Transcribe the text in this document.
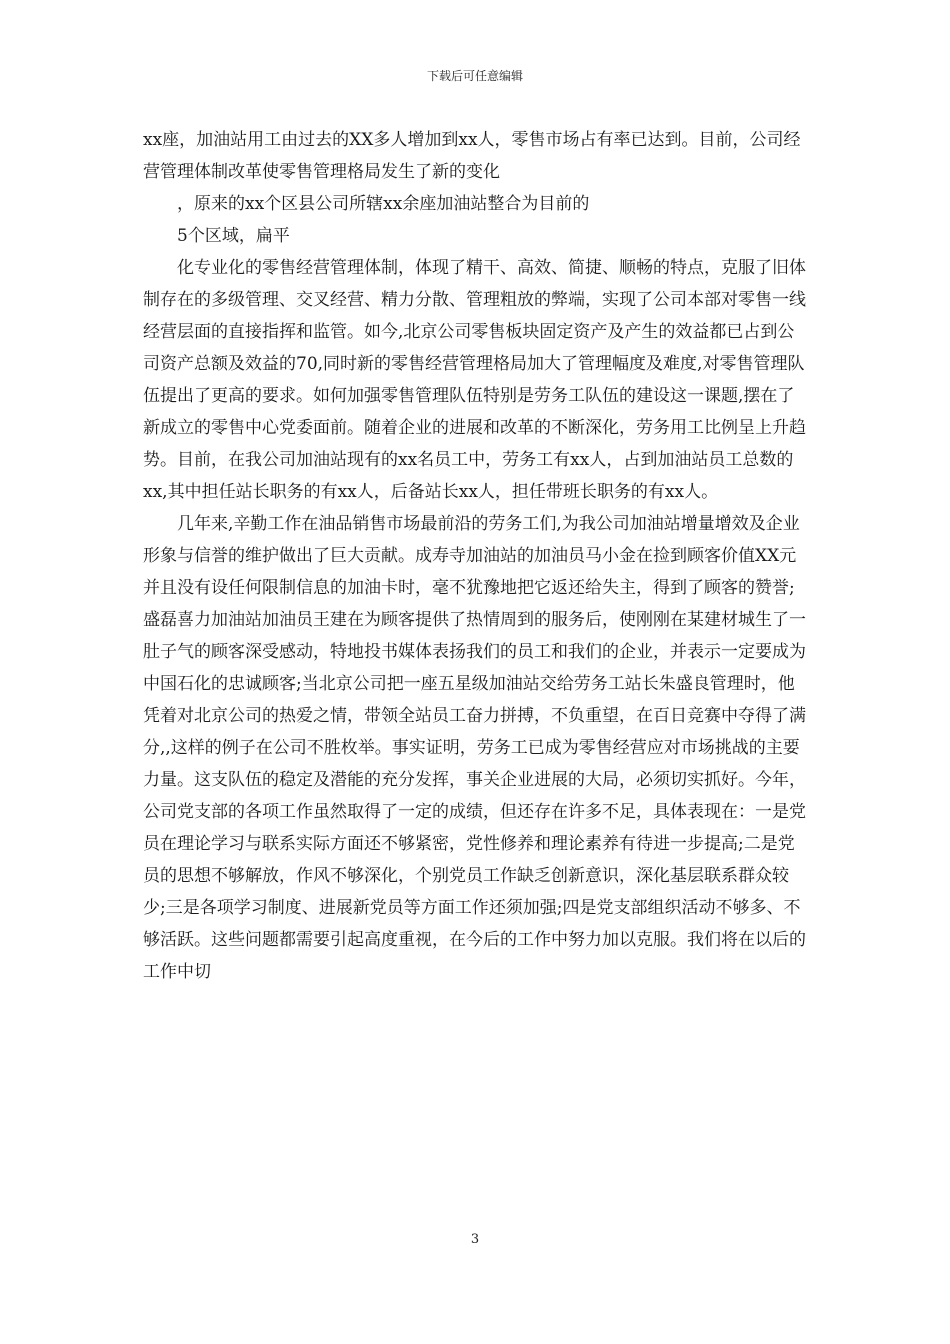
下载后可任意编辑

xx座，加油站用工由过去的XX多人增加到xx人，零售市场占有率已达到。目前，公司经营管理体制改革使零售管理格局发生了新的变化

，原来的xx个区县公司所辖xx余座加油站整合为目前的

5个区域，扁平

化专业化的零售经营管理体制，体现了精干、高效、简捷、顺畅的特点，克服了旧体制存在的多级管理、交叉经营、精力分散、管理粗放的弊端，实现了公司本部对零售一线经营层面的直接指挥和监管。如今,北京公司零售板块固定资产及产生的效益都已占到公司资产总额及效益的70,同时新的零售经营管理格局加大了管理幅度及难度,对零售管理队伍提出了更高的要求。如何加强零售管理队伍特别是劳务工队伍的建设这一课题,摆在了新成立的零售中心党委面前。随着企业的进展和改革的不断深化，劳务用工比例呈上升趋势。目前，在我公司加油站现有的xx名员工中，劳务工有xx人，占到加油站员工总数的xx,其中担任站长职务的有xx人，后备站长xx人，担任带班长职务的有xx人。

几年来,辛勤工作在油品销售市场最前沿的劳务工们,为我公司加油站增量增效及企业形象与信誉的维护做出了巨大贡献。成寿寺加油站的加油员马小金在捡到顾客价值XX元并且没有设任何限制信息的加油卡时，毫不犹豫地把它返还给失主，得到了顾客的赞誉;盛磊喜力加油站加油员王建在为顾客提供了热情周到的服务后，使刚刚在某建材城生了一肚子气的顾客深受感动，特地投书媒体表扬我们的员工和我们的企业，并表示一定要成为中国石化的忠诚顾客;当北京公司把一座五星级加油站交给劳务工站长朱盛良管理时，他凭着对北京公司的热爱之情，带领全站员工奋力拼搏，不负重望，在百日竞赛中夺得了满分,,这样的例子在公司不胜枚举。事实证明，劳务工已成为零售经营应对市场挑战的主要力量。这支队伍的稳定及潜能的充分发挥，事关企业进展的大局，必须切实抓好。今年，公司党支部的各项工作虽然取得了一定的成绩，但还存在许多不足，具体表现在：一是党员在理论学习与联系实际方面还不够紧密，党性修养和理论素养有待进一步提高;二是党员的思想不够解放，作风不够深化，个别党员工作缺乏创新意识，深化基层联系群众较少;三是各项学习制度、进展新党员等方面工作还须加强;四是党支部组织活动不够多、不够活跃。这些问题都需要引起高度重视，在今后的工作中努力加以克服。我们将在以后的工作中切

3
